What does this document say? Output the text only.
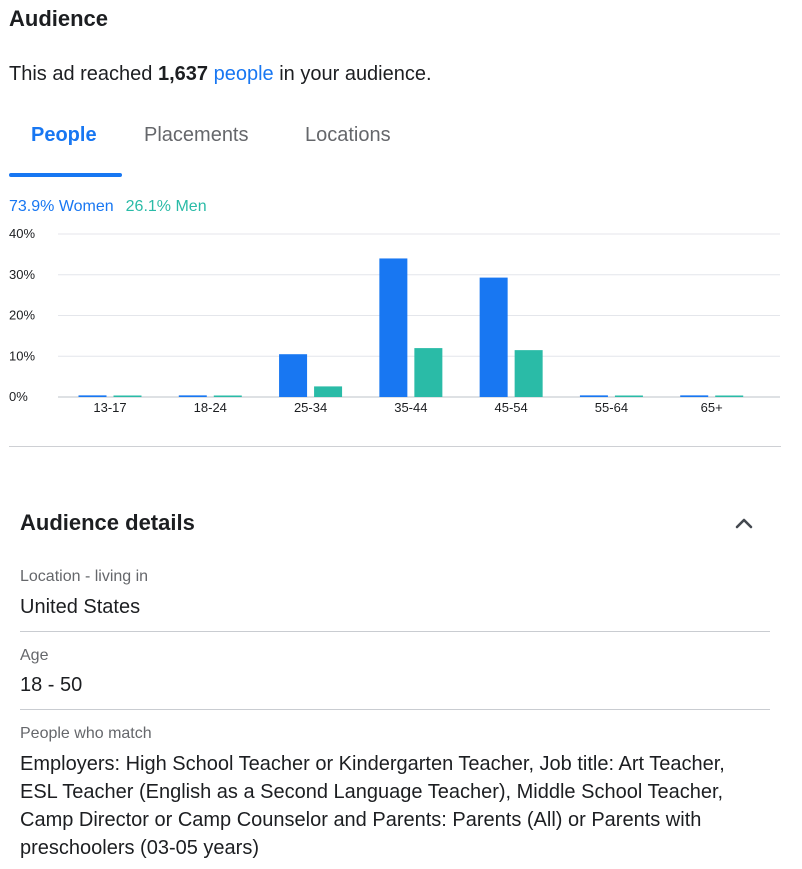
Audience
This ad reached 1,637 people in your audience.
People Placements	Locations
73.9% Women 26.1% Men
0%
10%
20%
30%
40%
13-17	18-24	25-34	35-44	45-54	55-64	65+
Audience details
Location - living in
United States
Age
18 - 50
People who match
Employers: High School Teacher or Kindergarten Teacher, Job title: Art Teacher, ESL Teacher (English as a Second Language Teacher), Middle School Teacher, Camp Director or Camp Counselor and Parents: Parents (All) or Parents with preschoolers (03-05 years)
